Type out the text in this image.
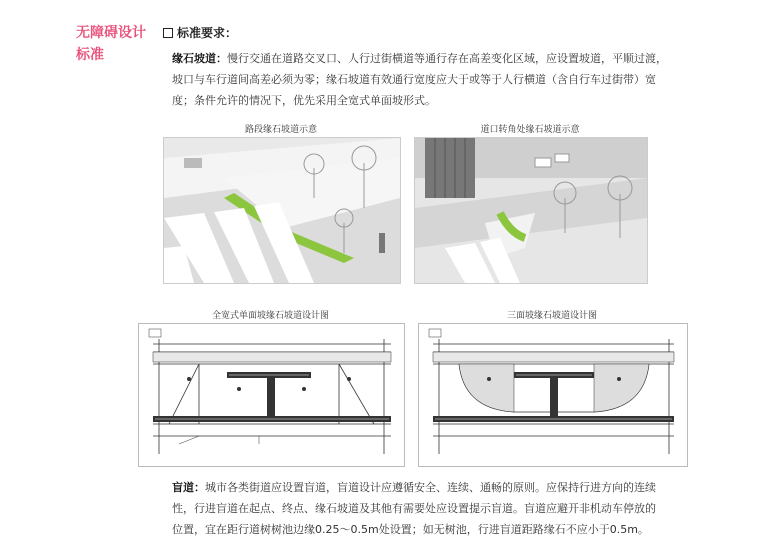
无障碍设计
标准
标准要求：
缘石坡道：慢行交通在道路交叉口、人行过街横道等通行存在高差变化区域，应设置坡道，平顺过渡，
坡口与车行道间高差必须为零；缘石坡道有效通行宽度应大于或等于人行横道（含自行车过街带）宽
度；条件允许的情况下，优先采用全宽式单面坡形式。
路段缘石坡道示意	道口转角处缘石坡道示意
全宽式单面坡缘石坡道设计图	三面坡缘石坡道设计图
盲道：城市各类街道应设置盲道，盲道设计应遵循安全、连续、通畅的原则。应保持行进方向的连续
性，行进盲道在起点、终点、缘石坡道及其他有需要处应设置提示盲道。盲道应避开非机动车停放的
位置，宜在距行道树树池边缘0.25～0.5m处设置；如无树池，行进盲道距路缘石不应小于0.5m。
